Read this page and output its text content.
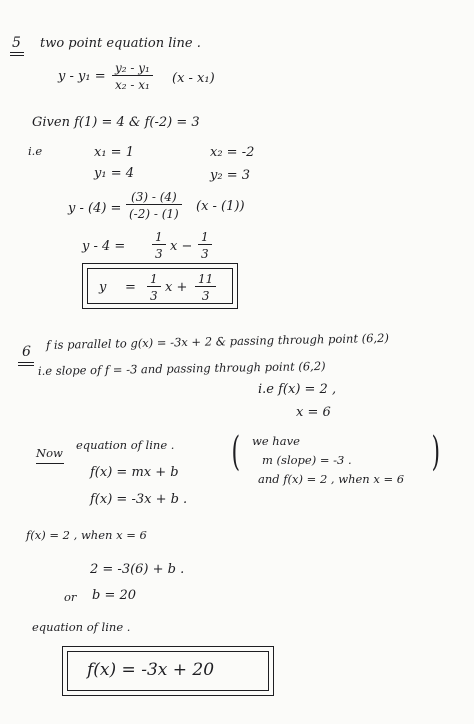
5 two point equation line .
$y - y_1 = \frac{\text{y₂ - y₁}}{\text{x₂ - x₁}} (x - x_1)$
Given f(1) = 4 & f(-2) = 3
i.e	x₁ = 1	x₂ = -2
y₁ = 4	y₂ = 3
$y - (4) = \frac{(3) - (4)}{(-2) - (1)} (x - (1))$
$y - 4 = \frac{1}{3}$ $x - \frac{1}{3}$
$y = \frac{1}{3}$ $x + \frac{11}{3}$
6
f is parallel to g(x) = -3x + 2 & passing through point (6,2)
i.e slope of f = -3 and passing through point (6,2)
i.e f(x) = 2 ,
x = 6
Now
equation of line .
f(x) = mx + b
f(x) = -3x + b .
( we have
m (slope) = -3 .
and f(x) = 2 , when x = 6
)
f(x) = 2 , when x = 6
2 = -3(6) + b .
or b = 20
equation of line .
f(x) = -3x + 20
